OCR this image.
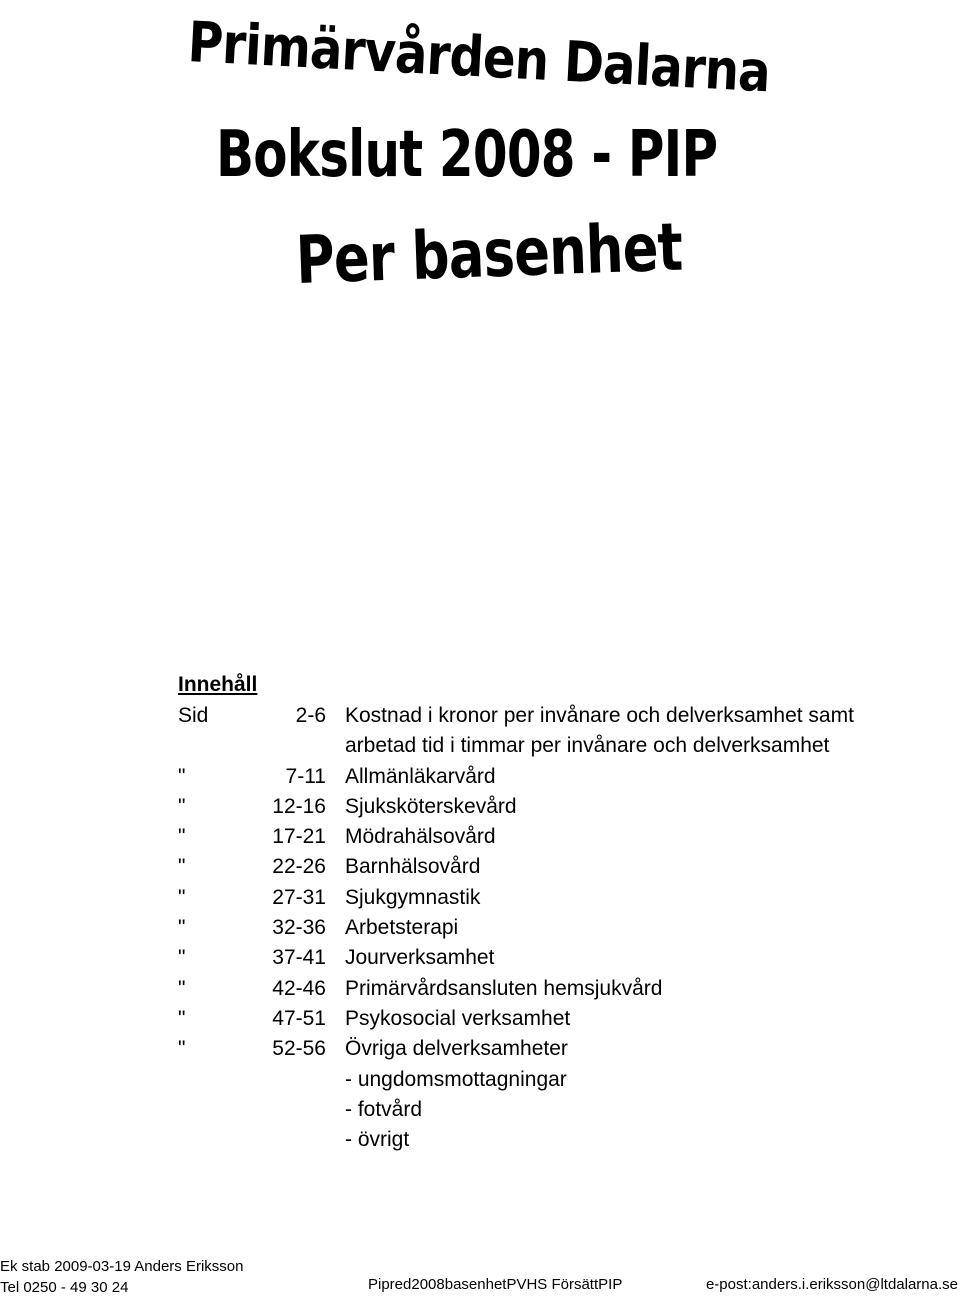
Primärvården Dalarna
Bokslut 2008 - PIP
Per basenhet
Innehåll
Sid	2-6 Kostnad i kronor per invånare och delverksamhet samt
arbetad tid i timmar per invånare och delverksamhet
"	7-11 Allmänläkarvård
"	12-16 Sjuksköterskevård
"	17-21 Mödrahälsovård
"	22-26 Barnhälsovård
"	27-31 Sjukgymnastik
"	32-36 Arbetsterapi
"	37-41 Jourverksamhet
"	42-46 Primärvårdsansluten hemsjukvård
"	47-51 Psykosocial verksamhet
"	52-56 Övriga delverksamheter
- ungdomsmottagningar
- fotvård
- övrigt
Ek stab 2009-03-19 Anders Eriksson
Tel 0250 - 49 30 24	Pipred2008basenhetPVHS FörsättPIP	e-post:anders.i.eriksson@ltdalarna.se
